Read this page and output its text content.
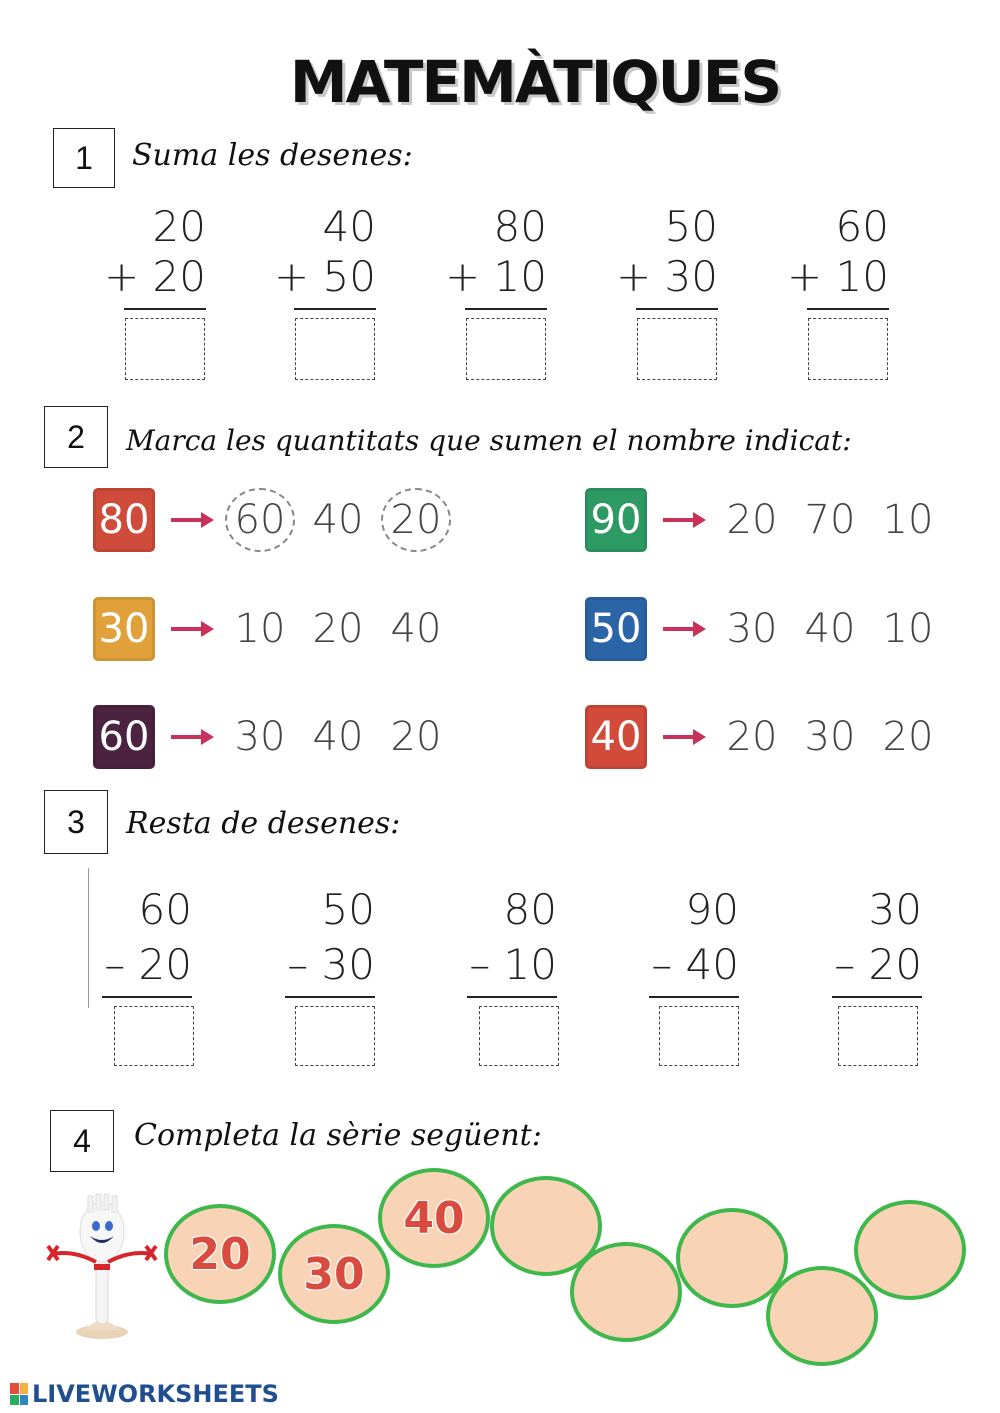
MATEMÀTIQUES
1	Suma les desenes:
20
+ 20
40
+ 50
80
+ 10
50
+ 30
60
+ 10
2	Marca les quantitats que sumen el nombre indicat:
80 60 40 20	90 20 70 10
30 10 20 40	50 30 40 10
60 30 40 20	40 20 30 20
3	Resta de desenes:
60
– 20
50
– 30
80
– 10
90
– 40
30
– 20
4	Completa la sèrie següent:
20	30
40
LIVEWORKSHEETS
